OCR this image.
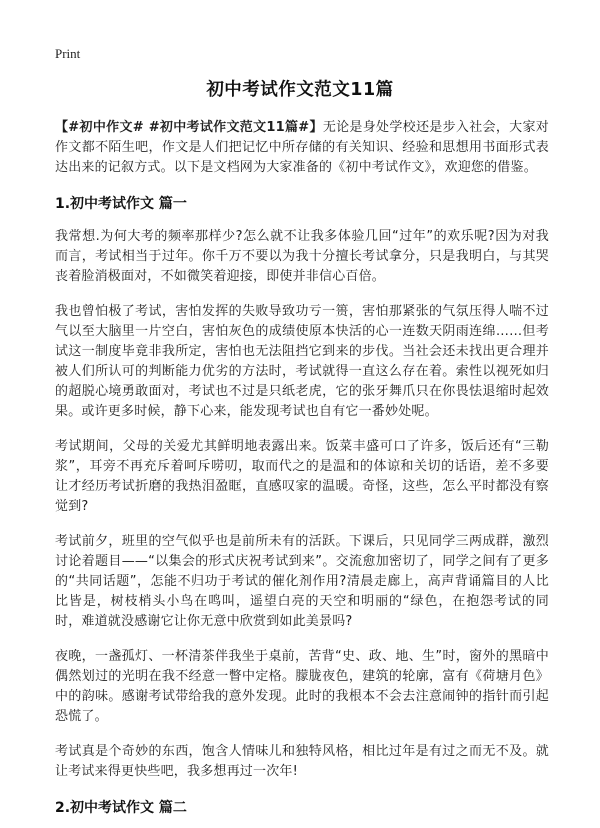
Print
初中考试作文范文11篇

【#初中作文# #初中考试作文范文11篇#】无论是身处学校还是步入社会，大家对作文都不陌生吧，作文是人们把记忆中所存储的有关知识、经验和思想用书面形式表达出来的记叙方式。以下是文档网为大家准备的《初中考试作文》，欢迎您的借鉴。

1.初中考试作文 篇一

我常想.为何大考的频率那样少?怎么就不让我多体验几回“过年”的欢乐呢?因为对我而言，考试相当于过年。你千万不要以为我十分擅长考试拿分，只是我明白，与其哭丧着脸消极面对，不如微笑着迎接，即使并非信心百倍。

我也曾怕极了考试，害怕发挥的失败导致功亏一篑，害怕那紧张的气氛压得人喘不过气以至大脑里一片空白，害怕灰色的成绩使原本快活的心一连数天阴雨连绵……但考试这一制度毕竟非我所定，害怕也无法阻挡它到来的步伐。当社会还未找出更合理并被人们所认可的判断能力优劣的方法时，考试就得一直这么存在着。索性以视死如归的超脱心境勇敢面对，考试也不过是只纸老虎，它的张牙舞爪只在你畏怯退缩时起效果。或许更多时候，静下心来，能发现考试也自有它一番妙处呢。

考试期间，父母的关爱尤其鲜明地表露出来。饭菜丰盛可口了许多，饭后还有“三勒浆”，耳旁不再充斥着呵斥唠叨，取而代之的是温和的体谅和关切的话语，差不多要让才经历考试折磨的我热泪盈眶，直感叹家的温暖。奇怪，这些，怎么平时都没有察觉到?

考试前夕，班里的空气似乎也是前所未有的活跃。下课后，只见同学三两成群，激烈讨论着题目——“以集会的形式庆祝考试到来”。交流愈加密切了，同学之间有了更多的“共同话题”，怎能不归功于考试的催化剂作用?清晨走廊上，高声背诵篇目的人比比皆是，树枝梢头小鸟在鸣叫，遥望白亮的天空和明丽的“绿色，在抱怨考试的同时，难道就没感谢它让你无意中欣赏到如此美景吗?

夜晚，一盏孤灯、一杯清茶伴我坐于桌前，苦背“史、政、地、生”时，窗外的黑暗中偶然划过的光明在我不经意一瞥中定格。朦胧夜色，建筑的轮廓，富有《荷塘月色》中的韵味。感谢考试带给我的意外发现。此时的我根本不会去注意闹钟的指针而引起恐慌了。

考试真是个奇妙的东西，饱含人情味儿和独特风格，相比过年是有过之而无不及。就让考试来得更快些吧，我多想再过一次年!

2.初中考试作文 篇二
